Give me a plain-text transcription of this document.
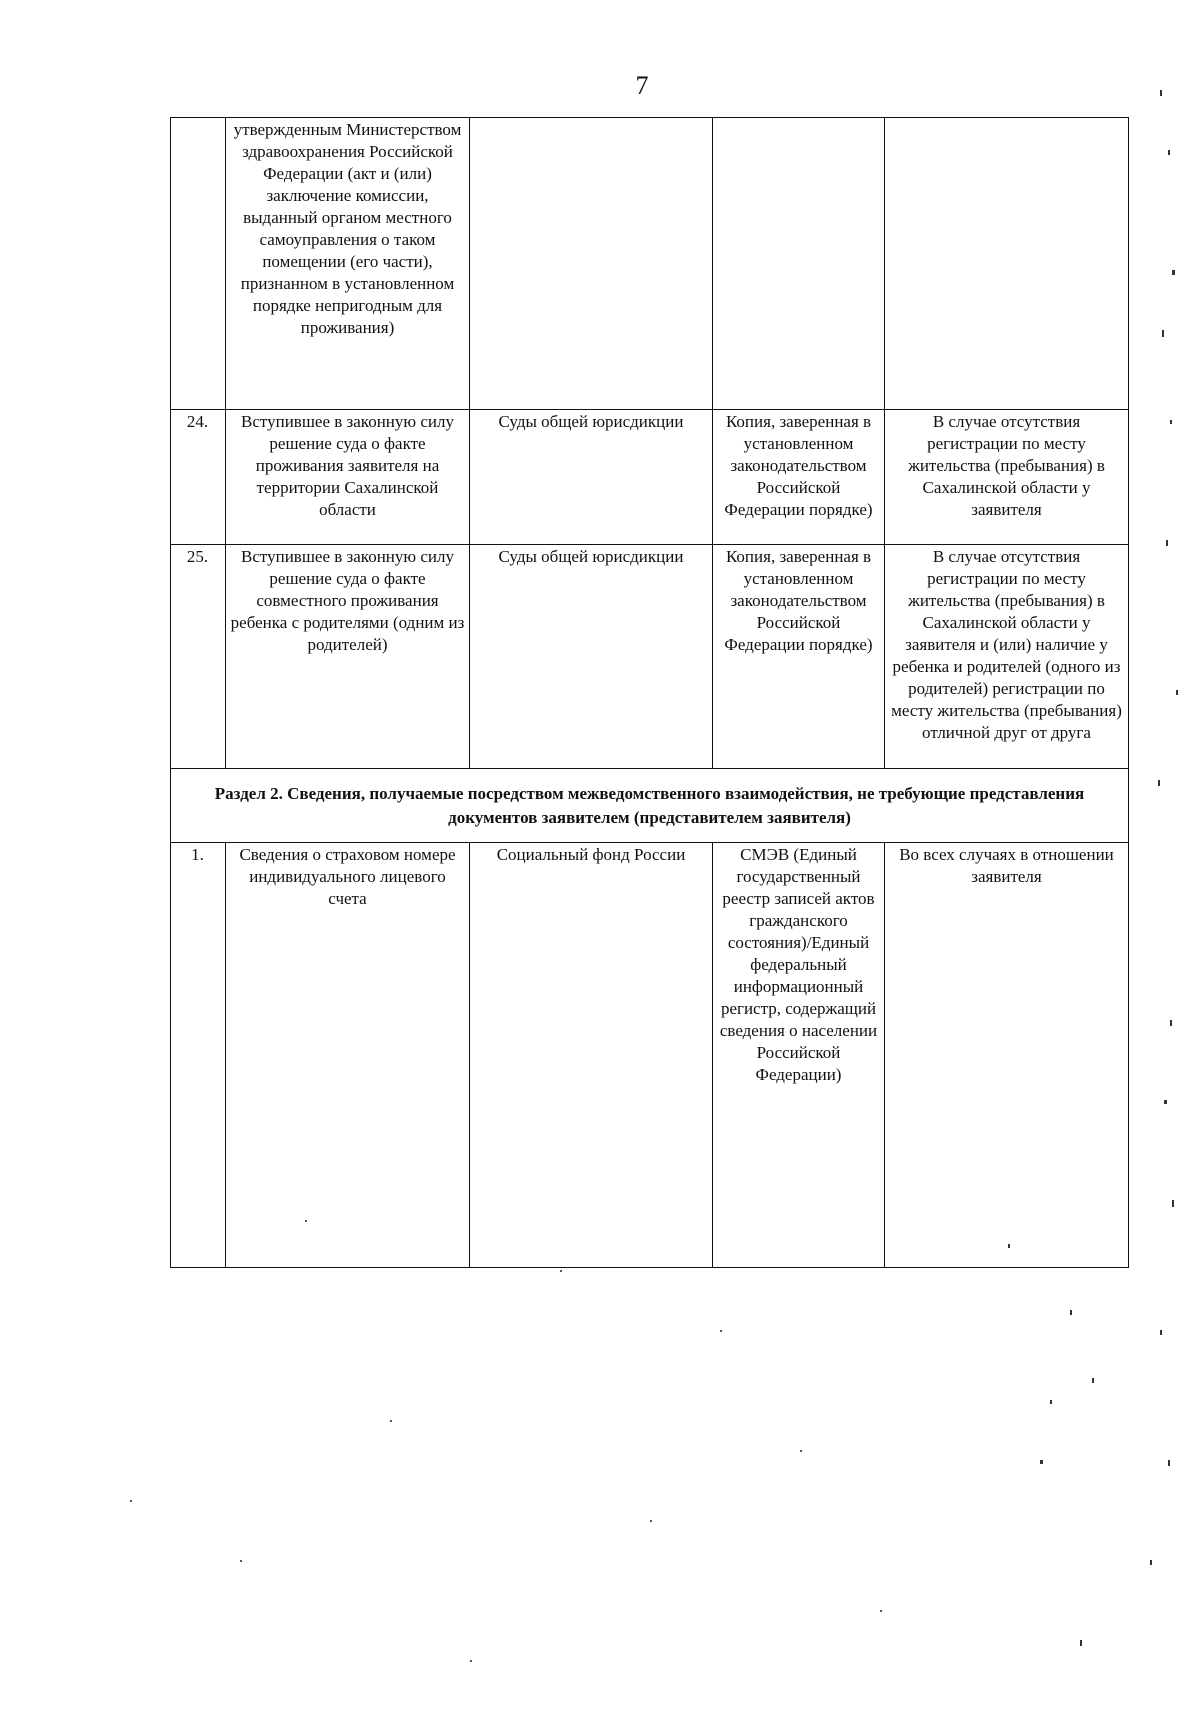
7
	утвержденным Министерством здравоохранения Российской Федерации (акт и (или) заключение комиссии, выданный органом местного самоуправления о таком помещении (его части), признанном в установленном порядке непригодным для проживания)			
24.	Вступившее в законную силу решение суда о факте проживания заявителя на территории Сахалинской области	Суды общей юрисдикции	Копия, заверенная в установленном законодательством Российской Федерации порядке)	В случае отсутствия регистрации по месту жительства (пребывания) в Сахалинской области у заявителя
25.	Вступившее в законную силу решение суда о факте совместного проживания ребенка с родителями (одним из родителей)	Суды общей юрисдикции	Копия, заверенная в установленном законодательством Российской Федерации порядке)	В случае отсутствия регистрации по месту жительства (пребывания) в Сахалинской области у заявителя и (или) наличие у ребенка и родителей (одного из родителей) регистрации по месту жительства (пребывания) отличной друг от друга
Раздел 2. Сведения, получаемые посредством межведомственного взаимодействия, не требующие представления документов заявителем (представителем заявителя)				
1.	Сведения о страховом номере индивидуального лицевого счета	Социальный фонд России	СМЭВ (Единый государственный реестр записей актов гражданского состояния)/Единый федеральный информационный регистр, содержащий сведения о населении Российской Федерации)	Во всех случаях в отношении заявителя
